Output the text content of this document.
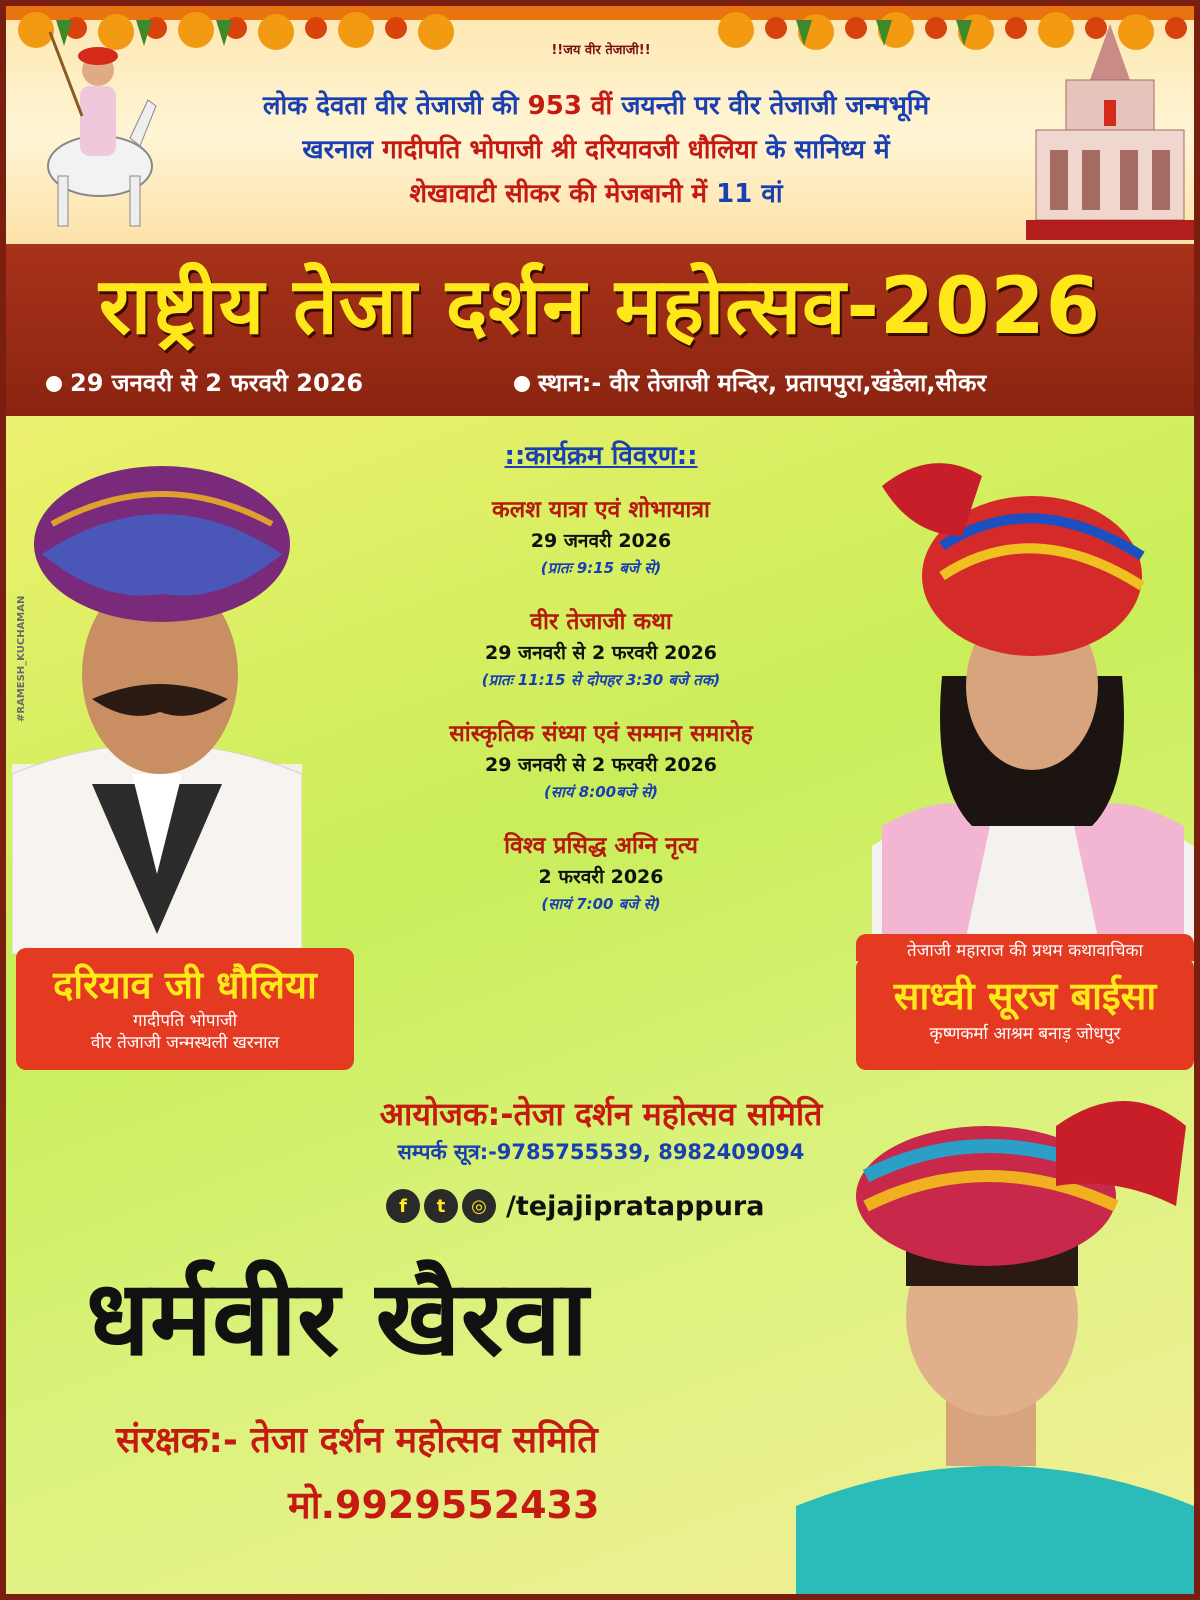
!!जय वीर तेजाजी!!
लोक देवता वीर तेजाजी की 953 वीं जयन्ती पर वीर तेजाजी जन्मभूमि
खरनाल गादीपति भोपाजी श्री दरियावजी धौलिया के सानिध्य में
शेखावाटी सीकर की मेजबानी में 11 वां
राष्ट्रीय तेजा दर्शन महोत्सव-2026
29 जनवरी से 2 फरवरी 2026	स्थान:- वीर तेजाजी मन्दिर, प्रतापपुरा,खंडेला,सीकर
#RAMESH_KUCHAMAN
::कार्यक्रम विवरण::
कलश यात्रा एवं शोभायात्रा
29 जनवरी 2026
(प्रातः 9:15 बजे से)
वीर तेजाजी कथा
29 जनवरी से 2 फरवरी 2026
(प्रातः 11:15 से दोपहर 3:30 बजे तक)
सांस्कृतिक संध्या एवं सम्मान समारोह
29 जनवरी से 2 फरवरी 2026
(सायं 8:00बजे से)
विश्व प्रसिद्ध अग्नि नृत्य
2 फरवरी 2026
(सायं 7:00 बजे से)
दरियाव जी धौलिया
गादीपति भोपाजी
वीर तेजाजी जन्मस्थली खरनाल
तेजाजी महाराज की प्रथम कथावाचिका
साध्वी सूरज बाईसा
कृष्णकर्मा आश्रम बनाड़ जोधपुर
आयोजक:-तेजा दर्शन महोत्सव समिति
सम्पर्क सूत्र:-9785755539, 8982409094
f	t	◎ /tejajipratappura
धर्मवीर खैरवा
संरक्षक:- तेजा दर्शन महोत्सव समिति
मो.9929552433
